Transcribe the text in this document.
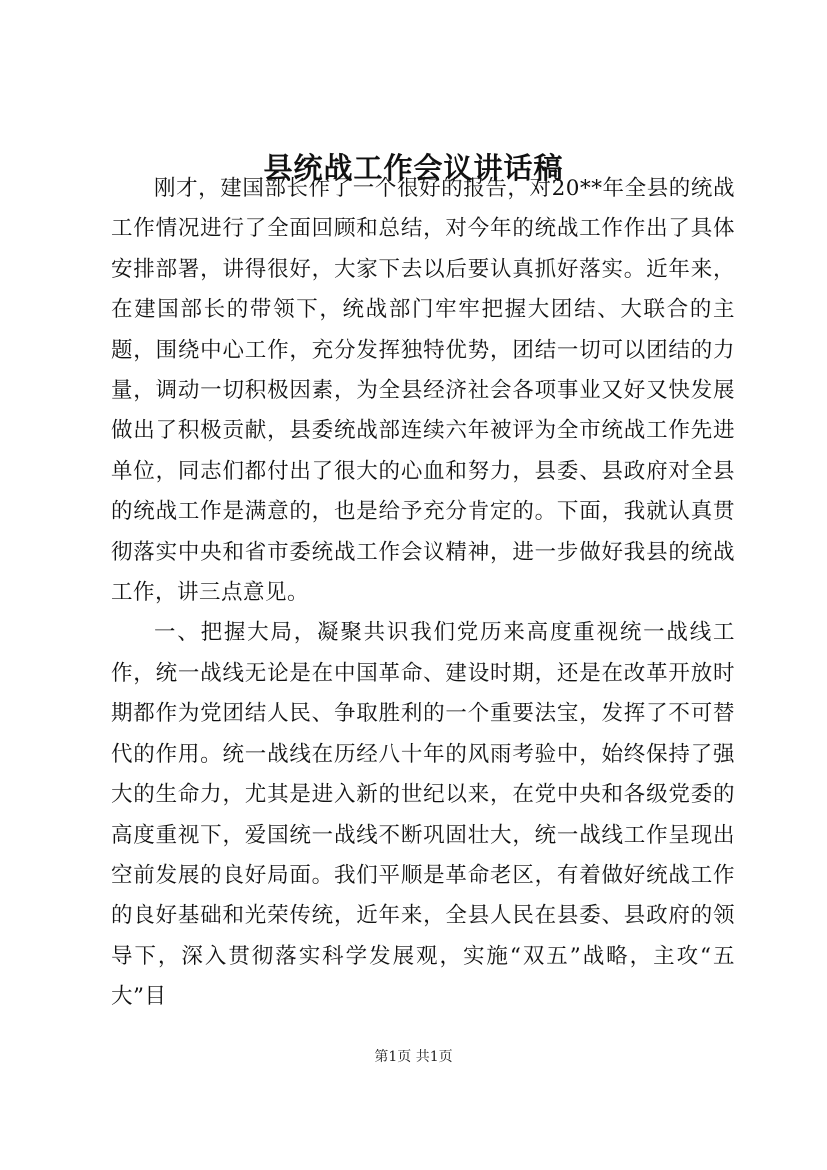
县统战工作会议讲话稿

刚才，建国部长作了一个很好的报告，对20**年全县的统战工作情况进行了全面回顾和总结，对今年的统战工作作出了具体安排部署，讲得很好，大家下去以后要认真抓好落实。近年来，在建国部长的带领下，统战部门牢牢把握大团结、大联合的主题，围绕中心工作，充分发挥独特优势，团结一切可以团结的力量，调动一切积极因素，为全县经济社会各项事业又好又快发展做出了积极贡献，县委统战部连续六年被评为全市统战工作先进单位，同志们都付出了很大的心血和努力，县委、县政府对全县的统战工作是满意的，也是给予充分肯定的。下面，我就认真贯彻落实中央和省市委统战工作会议精神，进一步做好我县的统战工作，讲三点意见。

一、把握大局，凝聚共识我们党历来高度重视统一战线工作，统一战线无论是在中国革命、建设时期，还是在改革开放时期都作为党团结人民、争取胜利的一个重要法宝，发挥了不可替代的作用。统一战线在历经八十年的风雨考验中，始终保持了强大的生命力，尤其是进入新的世纪以来，在党中央和各级党委的高度重视下，爱国统一战线不断巩固壮大，统一战线工作呈现出空前发展的良好局面。我们平顺是革命老区，有着做好统战工作的良好基础和光荣传统，近年来，全县人民在县委、县政府的领导下，深入贯彻落实科学发展观，实施“双五”战略，主攻“五大”目

第1页 共1页
